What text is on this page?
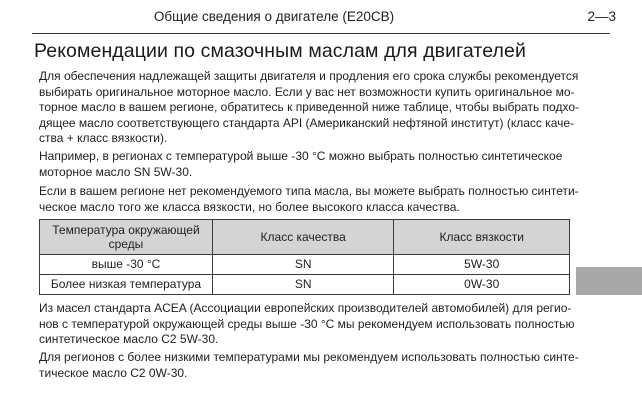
Общие сведения о двигателе (E20CB)	2—3
Рекомендации по смазочным маслам для двигателей
Для обеспечения надлежащей защиты двигателя и продления его срока службы рекомендуется
выбирать оригинальное моторное масло. Если у вас нет возможности купить оригинальное мо-
торное масло в вашем регионе, обратитесь к приведенной ниже таблице, чтобы выбрать подхо-
дящее масло соответствующего стандарта API (Американский нефтяной институт) (класс каче-
ства + класс вязкости).
Например, в регионах с температурой выше -30 °C можно выбрать полностью синтетическое
моторное масло SN 5W-30.
Если в вашем регионе нет рекомендуемого типа масла, вы можете выбрать полностью синтети-
ческое масло того же класса вязкости, но более высокого класса качества.
Температура окружающей
среды	Класс качества	Класс вязкости
выше -30 °C	SN	5W-30
Более низкая температура	SN	0W-30
Из масел стандарта ACEA (Ассоциации европейских производителей автомобилей) для регио-
нов с температурой окружающей среды выше -30 °C мы рекомендуем использовать полностью
синтетическое масло C2 5W-30.
Для регионов с более низкими температурами мы рекомендуем использовать полностью синте-
тическое масло C2 0W-30.
